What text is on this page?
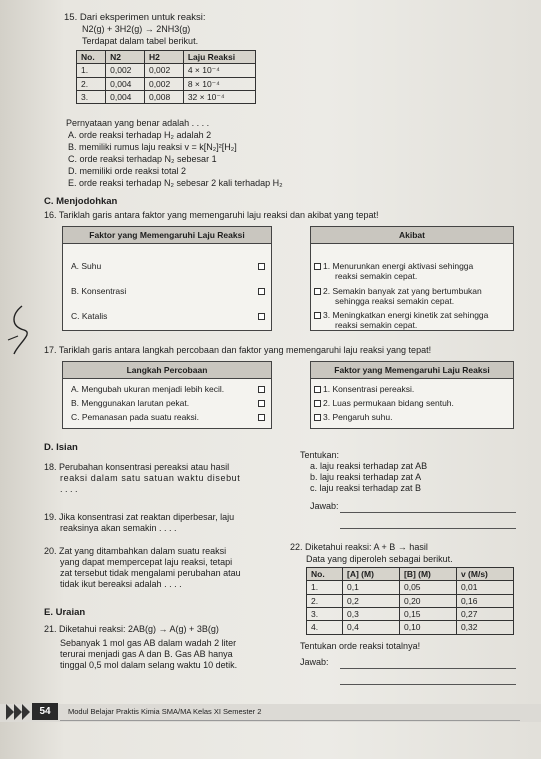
15. Dari eksperimen untuk reaksi:
N2(g) + 3H2(g) → 2NH3(g)
Terdapat dalam tabel berikut.
No.	N2	H2	Laju Reaksi
1.	0,002	0,002	4 × 10⁻⁴
2.	0,004	0,002	8 × 10⁻⁴
3.	0,004	0,008	32 × 10⁻⁴
Pernyataan yang benar adalah . . . .
A. orde reaksi terhadap H₂ adalah 2
B. memiliki rumus laju reaksi v = k[N₂]²[H₂]
C. orde reaksi terhadap N₂ sebesar 1
D. memiliki orde reaksi total 2
E. orde reaksi terhadap N₂ sebesar 2 kali terhadap H₂
C. Menjodohkan
16. Tariklah garis antara faktor yang memengaruhi laju reaksi dan akibat yang tepat!
Faktor yang Memengaruhi Laju Reaksi
A. Suhu
B. Konsentrasi
C. Katalis
Akibat
1. Menurunkan energi aktivasi sehingga
reaksi semakin cepat.
2. Semakin banyak zat yang bertumbukan
sehingga reaksi semakin cepat.
3. Meningkatkan energi kinetik zat sehingga
reaksi semakin cepat.
17. Tariklah garis antara langkah percobaan dan faktor yang memengaruhi laju reaksi yang tepat!
Langkah Percobaan
A. Mengubah ukuran menjadi lebih kecil.
B. Menggunakan larutan pekat.
C. Pemanasan pada suatu reaksi.
Faktor yang Memengaruhi Laju Reaksi
1. Konsentrasi pereaksi.
2. Luas permukaan bidang sentuh.
3. Pengaruh suhu.
D. Isian
18. Perubahan konsentrasi pereaksi atau hasil
reaksi dalam satu satuan waktu disebut
. . . .
19. Jika konsentrasi zat reaktan diperbesar, laju
reaksinya akan semakin . . . .
20. Zat yang ditambahkan dalam suatu reaksi
yang dapat mempercepat laju reaksi, tetapi
zat tersebut tidak mengalami perubahan atau
tidak ikut bereaksi adalah . . . .
E. Uraian
21. Diketahui reaksi: 2AB(g) → A(g) + 3B(g)
Sebanyak 1 mol gas AB dalam wadah 2 liter
terurai menjadi gas A dan B. Gas AB hanya
tinggal 0,5 mol dalam selang waktu 10 detik.
Tentukan:
a. laju reaksi terhadap zat AB
b. laju reaksi terhadap zat A
c. laju reaksi terhadap zat B
Jawab:
22. Diketahui reaksi: A + B → hasil
Data yang diperoleh sebagai berikut.
No.	[A] (M)	[B] (M)	v (M/s)
1.	0,1	0,05	0,01
2.	0,2	0,20	0,16
3.	0,3	0,15	0,27
4.	0,4	0,10	0,32
Tentukan orde reaksi totalnya!
Jawab:
54	Modul Belajar Praktis Kimia SMA/MA Kelas XI Semester 2
